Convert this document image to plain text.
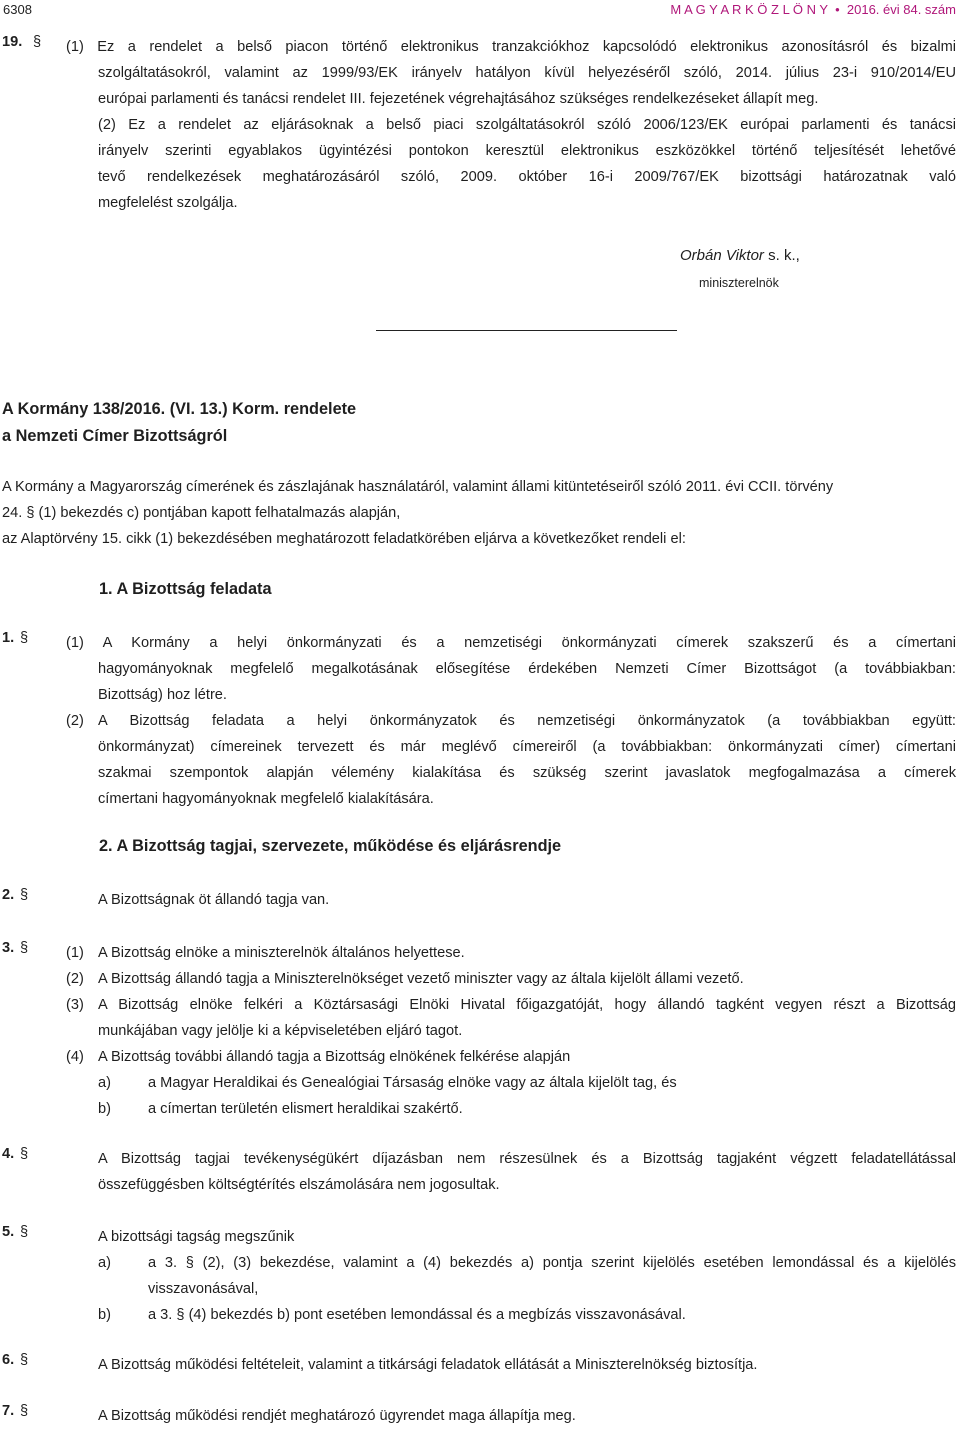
6308	M A G Y A R K Ö Z L Ö N Y  •  2016. évi 84. szám
19. § (1) Ez a rendelet a belső piacon történő elektronikus tranzakciókhoz kapcsolódó elektronikus azonosításról és bizalmi
szolgáltatásokról, valamint az 1999/93/EK irányelv hatályon kívül helyezéséről szóló, 2014. július 23-i 910/2014/EU
európai parlamenti és tanácsi rendelet III. fejezetének végrehajtásához szükséges rendelkezéseket állapít meg.
(2) Ez a rendelet az eljárásoknak a belső piaci szolgáltatásokról szóló 2006/123/EK európai parlamenti és tanácsi
irányelv szerinti egyablakos ügyintézési pontokon keresztül elektronikus eszközökkel történő teljesítését lehetővé
tevő rendelkezések meghatározásáról szóló, 2009. október 16-i 2009/767/EK bizottsági határozatnak való
megfelelést szolgálja.
Orbán Viktor s. k.,
miniszterelnök
A Kormány 138/2016. (VI. 13.) Korm. rendelete
a Nemzeti Címer Bizottságról
A Kormány a Magyarország címerének és zászlajának használatáról, valamint állami kitüntetéseiről szóló 2011. évi CCII. törvény
24. § (1) bekezdés c) pontjában kapott felhatalmazás alapján,
az Alaptörvény 15. cikk (1) bekezdésében meghatározott feladatkörében eljárva a következőket rendeli el:
1. A Bizottság feladata
1. §	(1) A Kormány a helyi önkormányzati és a nemzetiségi önkormányzati címerek szakszerű és a címertani
hagyományoknak megfelelő megalkotásának elősegítése érdekében Nemzeti Címer Bizottságot (a továbbiakban:
Bizottság) hoz létre.
(2) A Bizottság feladata a helyi önkormányzatok és nemzetiségi önkormányzatok (a továbbiakban együtt:
önkormányzat) címereinek tervezett és már meglévő címereiről (a továbbiakban: önkormányzati címer) címertani
szakmai szempontok alapján vélemény kialakítása és szükség szerint javaslatok megfogalmazása a címerek
címertani hagyományoknak megfelelő kialakítására.
2. A Bizottság tagjai, szervezete, működése és eljárásrendje
2. §	A Bizottságnak öt állandó tagja van.
3. §	(1) A Bizottság elnöke a miniszterelnök általános helyettese.
(2) A Bizottság állandó tagja a Miniszterelnökséget vezető miniszter vagy az általa kijelölt állami vezető.
(3) A Bizottság elnöke felkéri a Köztársasági Elnöki Hivatal főigazgatóját, hogy állandó tagként vegyen részt a Bizottság
munkájában vagy jelölje ki a képviseletében eljáró tagot.
(4) A Bizottság további állandó tagja a Bizottság elnökének felkérése alapján
a)	a Magyar Heraldikai és Genealógiai Társaság elnöke vagy az általa kijelölt tag, és
b)	a címertan területén elismert heraldikai szakértő.
4. §	A Bizottság tagjai tevékenységükért díjazásban nem részesülnek és a Bizottság tagjaként végzett feladatellátással
összefüggésben költségtérítés elszámolására nem jogosultak.
5. §	A bizottsági tagság megszűnik
a)	a 3. § (2), (3) bekezdése, valamint a (4) bekezdés a) pontja szerint kijelölés esetében lemondással és a kijelölés
visszavonásával,
b)	a 3. § (4) bekezdés b) pont esetében lemondással és a megbízás visszavonásával.
6. §	A Bizottság működési feltételeit, valamint a titkársági feladatok ellátását a Miniszterelnökség biztosítja.
7. §	A Bizottság működési rendjét meghatározó ügyrendet maga állapítja meg.
